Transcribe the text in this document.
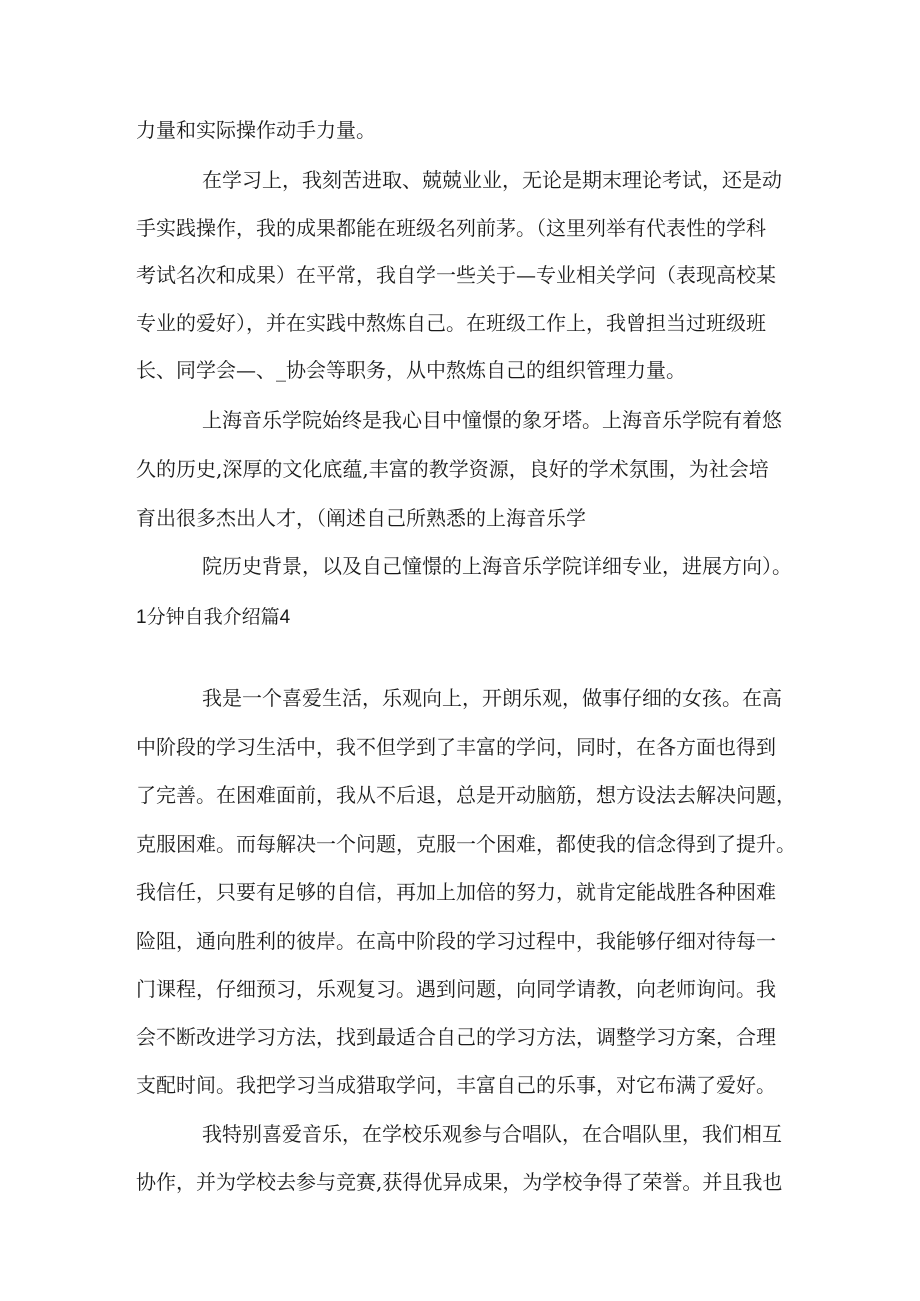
力量和实际操作动手力量。
在学习上，我刻苦进取、兢兢业业，无论是期末理论考试，还是动
手实践操作，我的成果都能在班级名列前茅。（这里列举有代表性的学科
考试名次和成果）在平常，我自学一些关于—专业相关学问（表现高校某
专业的爱好），并在实践中熬炼自己。在班级工作上，我曾担当过班级班
长、同学会—、_协会等职务，从中熬炼自己的组织管理力量。
上海音乐学院始终是我心目中憧憬的象牙塔。上海音乐学院有着悠
久的历史,深厚的文化底蕴,丰富的教学资源，良好的学术氛围，为社会培
育出很多杰出人才，（阐述自己所熟悉的上海音乐学
院历史背景，以及自己憧憬的上海音乐学院详细专业，进展方向）。
1分钟自我介绍篇4
我是一个喜爱生活，乐观向上，开朗乐观，做事仔细的女孩。在高
中阶段的学习生活中，我不但学到了丰富的学问，同时，在各方面也得到
了完善。在困难面前，我从不后退，总是开动脑筋，想方设法去解决问题，
克服困难。而每解决一个问题，克服一个困难，都使我的信念得到了提升。
我信任，只要有足够的自信，再加上加倍的努力，就肯定能战胜各种困难
险阻，通向胜利的彼岸。在高中阶段的学习过程中，我能够仔细对待每一
门课程，仔细预习，乐观复习。遇到问题，向同学请教，向老师询问。我
会不断改进学习方法，找到最适合自己的学习方法，调整学习方案，合理
支配时间。我把学习当成猎取学问，丰富自己的乐事，对它布满了爱好。
我特别喜爱音乐，在学校乐观参与合唱队，在合唱队里，我们相互
协作，并为学校去参与竞赛,获得优异成果，为学校争得了荣誉。并且我也
